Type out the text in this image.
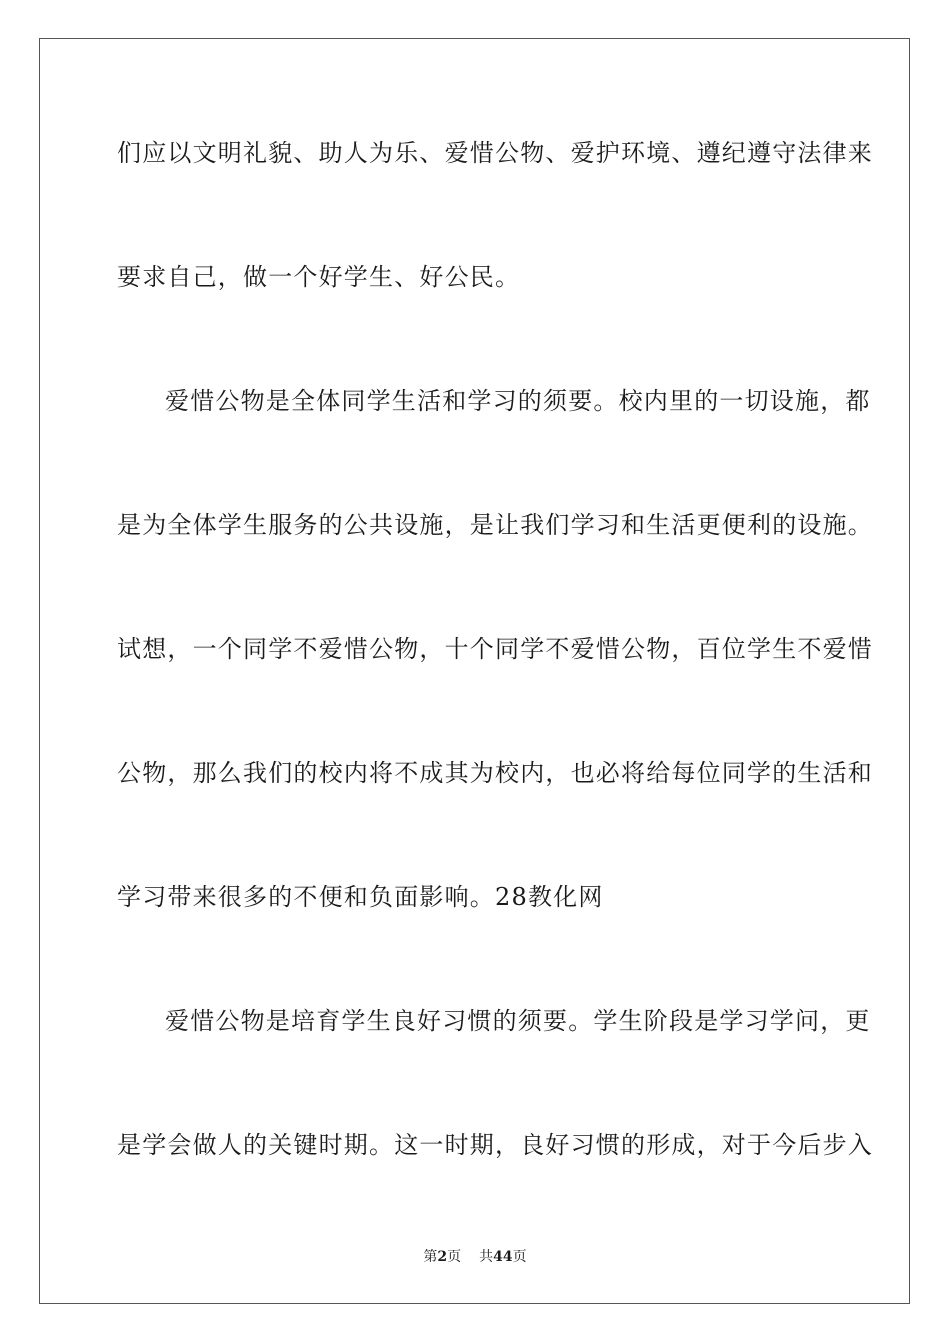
们应以文明礼貌、助人为乐、爱惜公物、爱护环境、遵纪遵守法律来
要求自己，做一个好学生、好公民。
爱惜公物是全体同学生活和学习的须要。校内里的一切设施，都
是为全体学生服务的公共设施，是让我们学习和生活更便利的设施。
试想，一个同学不爱惜公物，十个同学不爱惜公物，百位学生不爱惜
公物，那么我们的校内将不成其为校内，也必将给每位同学的生活和
学习带来很多的不便和负面影响。28教化网
爱惜公物是培育学生良好习惯的须要。学生阶段是学习学问，更
是学会做人的关键时期。这一时期，良好习惯的形成，对于今后步入
第2页 共44页
